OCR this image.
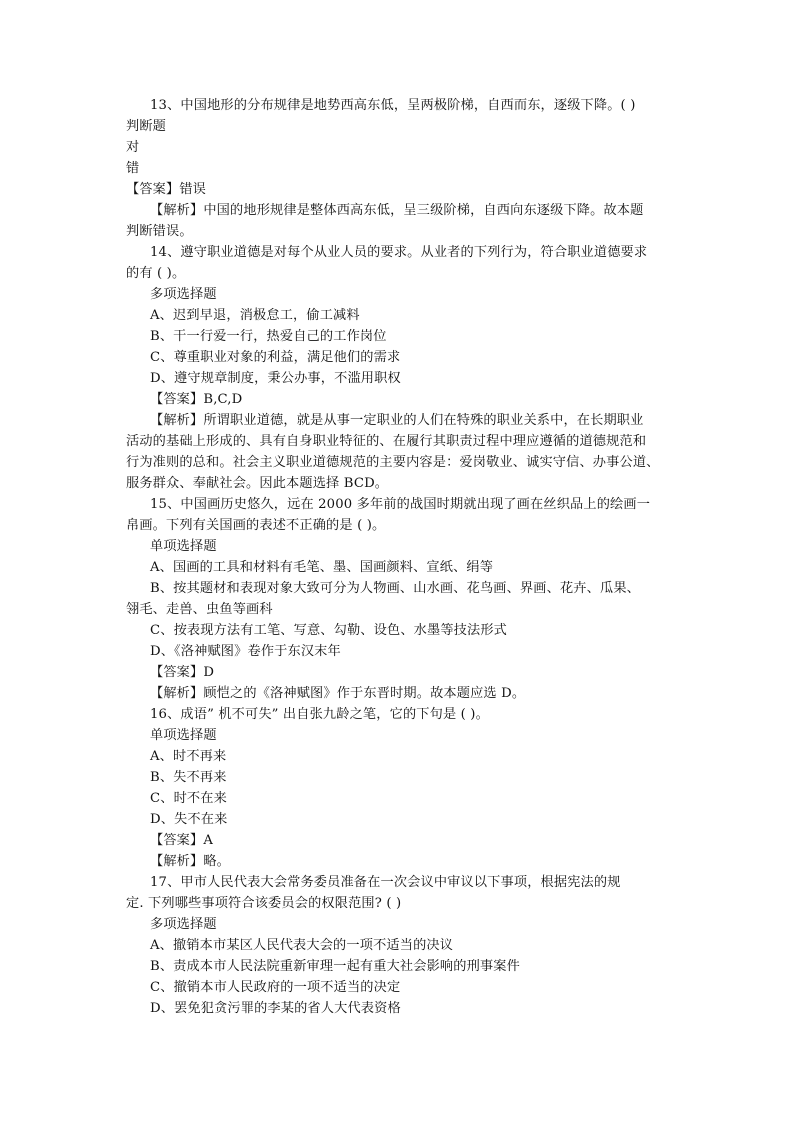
13、中国地形的分布规律是地势西高东低，呈两极阶梯，自西而东，逐级下降。( )
判断题
对
错
【答案】错误
【解析】中国的地形规律是整体西高东低，呈三级阶梯，自西向东逐级下降。故本题
判断错误。
14、遵守职业道德是对每个从业人员的要求。从业者的下列行为，符合职业道德要求
的有 ( )。
多项选择题
A、迟到早退，消极怠工，偷工减料
B、干一行爱一行，热爱自己的工作岗位
C、尊重职业对象的利益，满足他们的需求
D、遵守规章制度，秉公办事，不滥用职权
【答案】B,C,D
【解析】所谓职业道德，就是从事一定职业的人们在特殊的职业关系中，在长期职业
活动的基础上形成的、具有自身职业特征的、在履行其职责过程中理应遵循的道德规范和
行为准则的总和。社会主义职业道德规范的主要内容是：爱岗敬业、诚实守信、办事公道、
服务群众、奉献社会。因此本题选择 BCD。
15、中国画历史悠久，远在 2000 多年前的战国时期就出现了画在丝织品上的绘画一
帛画。下列有关国画的表述不正确的是 ( )。
单项选择题
A、国画的工具和材料有毛笔、墨、国画颜料、宣纸、绢等
B、按其题材和表现对象大致可分为人物画、山水画、花鸟画、界画、花卉、瓜果、
翎毛、走兽、虫鱼等画科
C、按表现方法有工笔、写意、勾勒、设色、水墨等技法形式
D、《洛神赋图》卷作于东汉末年
【答案】D
【解析】顾恺之的《洛神赋图》作于东晋时期。故本题应选 D。
16、成语” 机不可失” 出自张九龄之笔，它的下句是 ( )。
单项选择题
A、时不再来
B、失不再来
C、时不在来
D、失不在来
【答案】A
【解析】略。
17、甲市人民代表大会常务委员准备在一次会议中审议以下事项，根据宪法的规
定. 下列哪些事项符合该委员会的权限范围? ( )
多项选择题
A、撤销本市某区人民代表大会的一项不适当的决议
B、责成本市人民法院重新审理一起有重大社会影响的刑事案件
C、撤销本市人民政府的一项不适当的决定
D、罢免犯贪污罪的李某的省人大代表资格
